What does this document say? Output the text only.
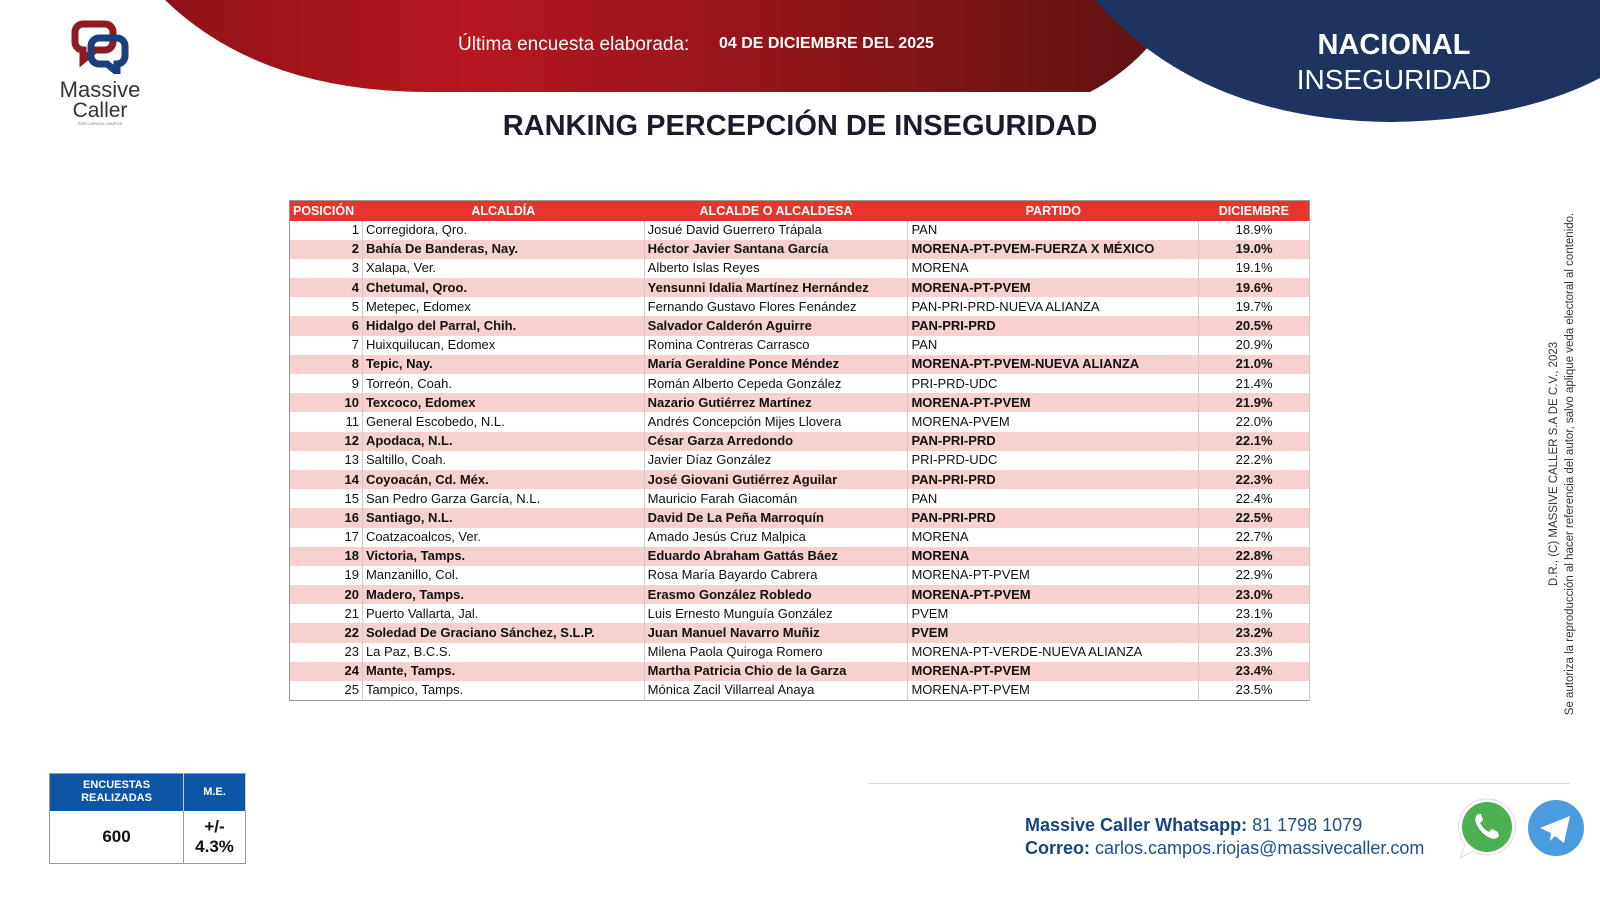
Massive
Caller
POR CARLOS CAMPOS
Última encuesta elaborada: 04 DE DICIEMBRE DEL 2025	NACIONAL
INSEGURIDAD
RANKING PERCEPCIÓN DE INSEGURIDAD
POSICIÓN	ALCALDÍA	ALCALDE O ALCALDESA	PARTIDO	DICIEMBRE
1	Corregidora, Qro.	Josué David Guerrero Trápala	PAN	18.9%
2	Bahía De Banderas, Nay.	Héctor Javier Santana García	MORENA-PT-PVEM-FUERZA X MÉXICO	19.0%
3	Xalapa, Ver.	Alberto Islas Reyes	MORENA	19.1%
4	Chetumal, Qroo.	Yensunni Idalia Martínez Hernández	MORENA-PT-PVEM	19.6%
5	Metepec, Edomex	Fernando Gustavo Flores Fenández	PAN-PRI-PRD-NUEVA ALIANZA	19.7%
6	Hidalgo del Parral, Chih.	Salvador Calderón Aguirre	PAN-PRI-PRD	20.5%
7	Huixquilucan, Edomex	Romina Contreras Carrasco	PAN	20.9%
8	Tepic, Nay.	María Geraldine Ponce Méndez	MORENA-PT-PVEM-NUEVA ALIANZA	21.0%
9	Torreón, Coah.	Román Alberto Cepeda González	PRI-PRD-UDC	21.4%
10	Texcoco, Edomex	Nazario Gutiérrez Martínez	MORENA-PT-PVEM	21.9%
11	General Escobedo, N.L.	Andrés Concepción Mijes Llovera	MORENA-PVEM	22.0%
12	Apodaca, N.L.	César Garza Arredondo	PAN-PRI-PRD	22.1%
13	Saltillo, Coah.	Javier Díaz González	PRI-PRD-UDC	22.2%
14	Coyoacán, Cd. Méx.	José Giovani Gutiérrez Aguilar	PAN-PRI-PRD	22.3%
15	San Pedro Garza García, N.L.	Mauricio Farah Giacomán	PAN	22.4%
16	Santiago, N.L.	David De La Peña Marroquín	PAN-PRI-PRD	22.5%
17	Coatzacoalcos, Ver.	Amado Jesús Cruz Malpica	MORENA	22.7%
18	Victoria, Tamps.	Eduardo Abraham Gattás Báez	MORENA	22.8%
19	Manzanillo, Col.	Rosa María Bayardo Cabrera	MORENA-PT-PVEM	22.9%
20	Madero, Tamps.	Erasmo González Robledo	MORENA-PT-PVEM	23.0%
21	Puerto Vallarta, Jal.	Luis Ernesto Munguía González	PVEM	23.1%
22	Soledad De Graciano Sánchez, S.L.P.	Juan Manuel Navarro Muñiz	PVEM	23.2%
23	La Paz, B.C.S.	Milena Paola Quiroga Romero	MORENA-PT-VERDE-NUEVA ALIANZA	23.3%
24	Mante, Tamps.	Martha Patricia Chio de la Garza	MORENA-PT-PVEM	23.4%
25	Tampico, Tamps.	Mónica Zacil Villarreal Anaya	MORENA-PT-PVEM	23.5%
D.R., (C) MASSIVE CALLER S.A DE C.V., 2023 Se autoriza la reproducción al hacer referencia del autor, salvo aplique veda electoral al contenido.
ENCUESTAS REALIZADAS	M.E.
600	+/- 4.3%
Massive Caller Whatsapp: 81 1798 1079
Correo: carlos.campos.riojas@massivecaller.com
